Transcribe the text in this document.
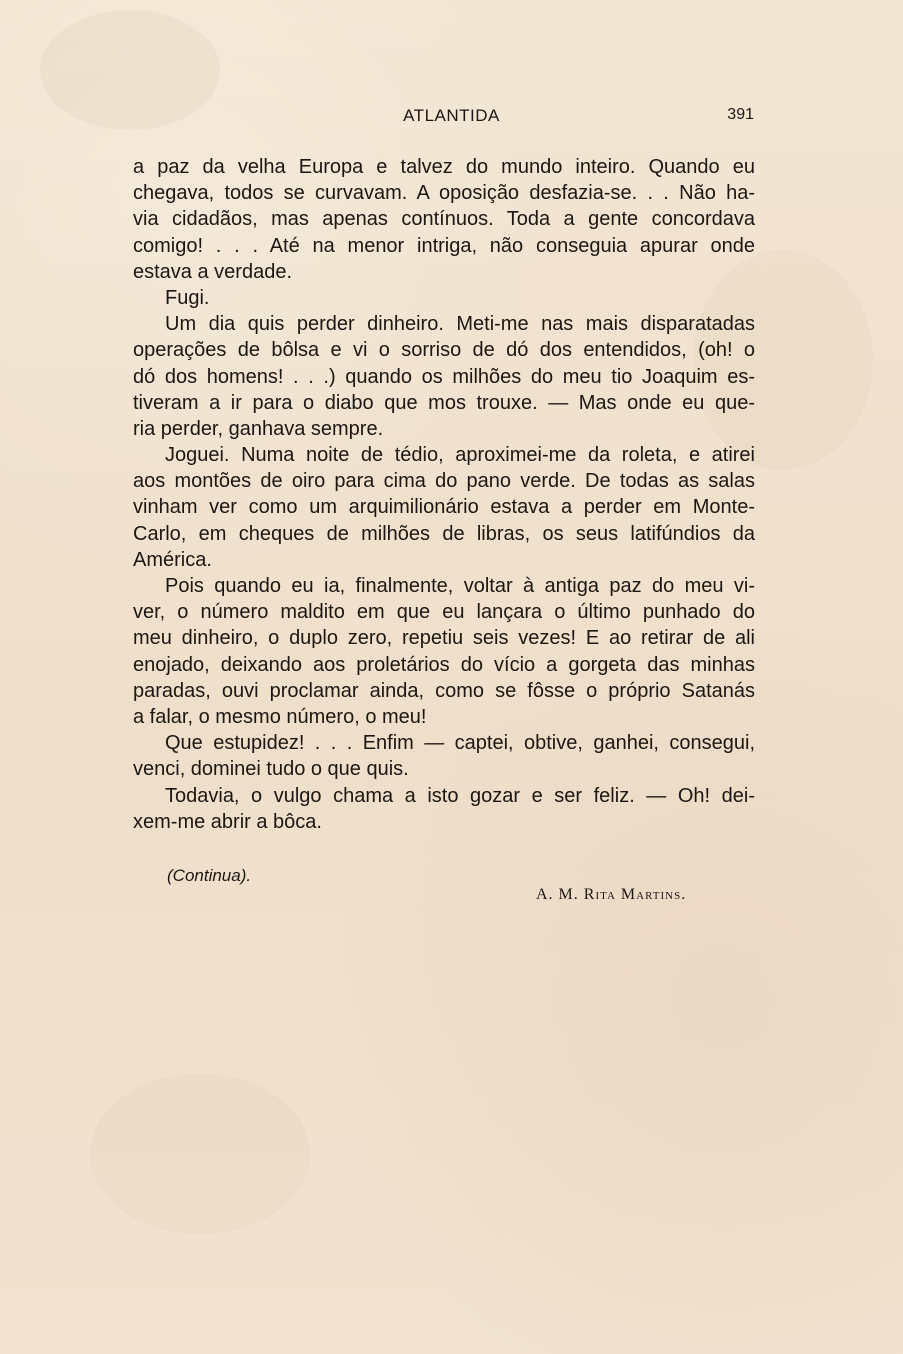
ATLANTIDA	391
a paz da velha Europa e talvez do mundo inteiro. Quando eu
chegava, todos se curvavam. A oposição desfazia-se. . . Não ha-
via cidadãos, mas apenas contínuos. Toda a gente concordava
comigo! . . . Até na menor intriga, não conseguia apurar onde
estava a verdade.
Fugi.
Um dia quis perder dinheiro. Meti-me nas mais disparatadas
operações de bôlsa e vi o sorriso de dó dos entendidos, (oh! o
dó dos homens! . . .) quando os milhões do meu tio Joaquim es-
tiveram a ir para o diabo que mos trouxe. — Mas onde eu que-
ria perder, ganhava sempre.
Joguei. Numa noite de tédio, aproximei-me da roleta, e atirei
aos montões de oiro para cima do pano verde. De todas as salas
vinham ver como um arquimilionário estava a perder em Monte-
Carlo, em cheques de milhões de libras, os seus latifúndios da
América.
Pois quando eu ia, finalmente, voltar à antiga paz do meu vi-
ver, o número maldito em que eu lançara o último punhado do
meu dinheiro, o duplo zero, repetiu seis vezes! E ao retirar de ali
enojado, deixando aos proletários do vício a gorgeta das minhas
paradas, ouvi proclamar ainda, como se fôsse o próprio Satanás
a falar, o mesmo número, o meu!
Que estupidez! . . . Enfim — captei, obtive, ganhei, consegui,
venci, dominei tudo o que quis.
Todavia, o vulgo chama a isto gozar e ser feliz. — Oh! dei-
xem-me abrir a bôca.
(Continua).
A. M. Rita Martins.
